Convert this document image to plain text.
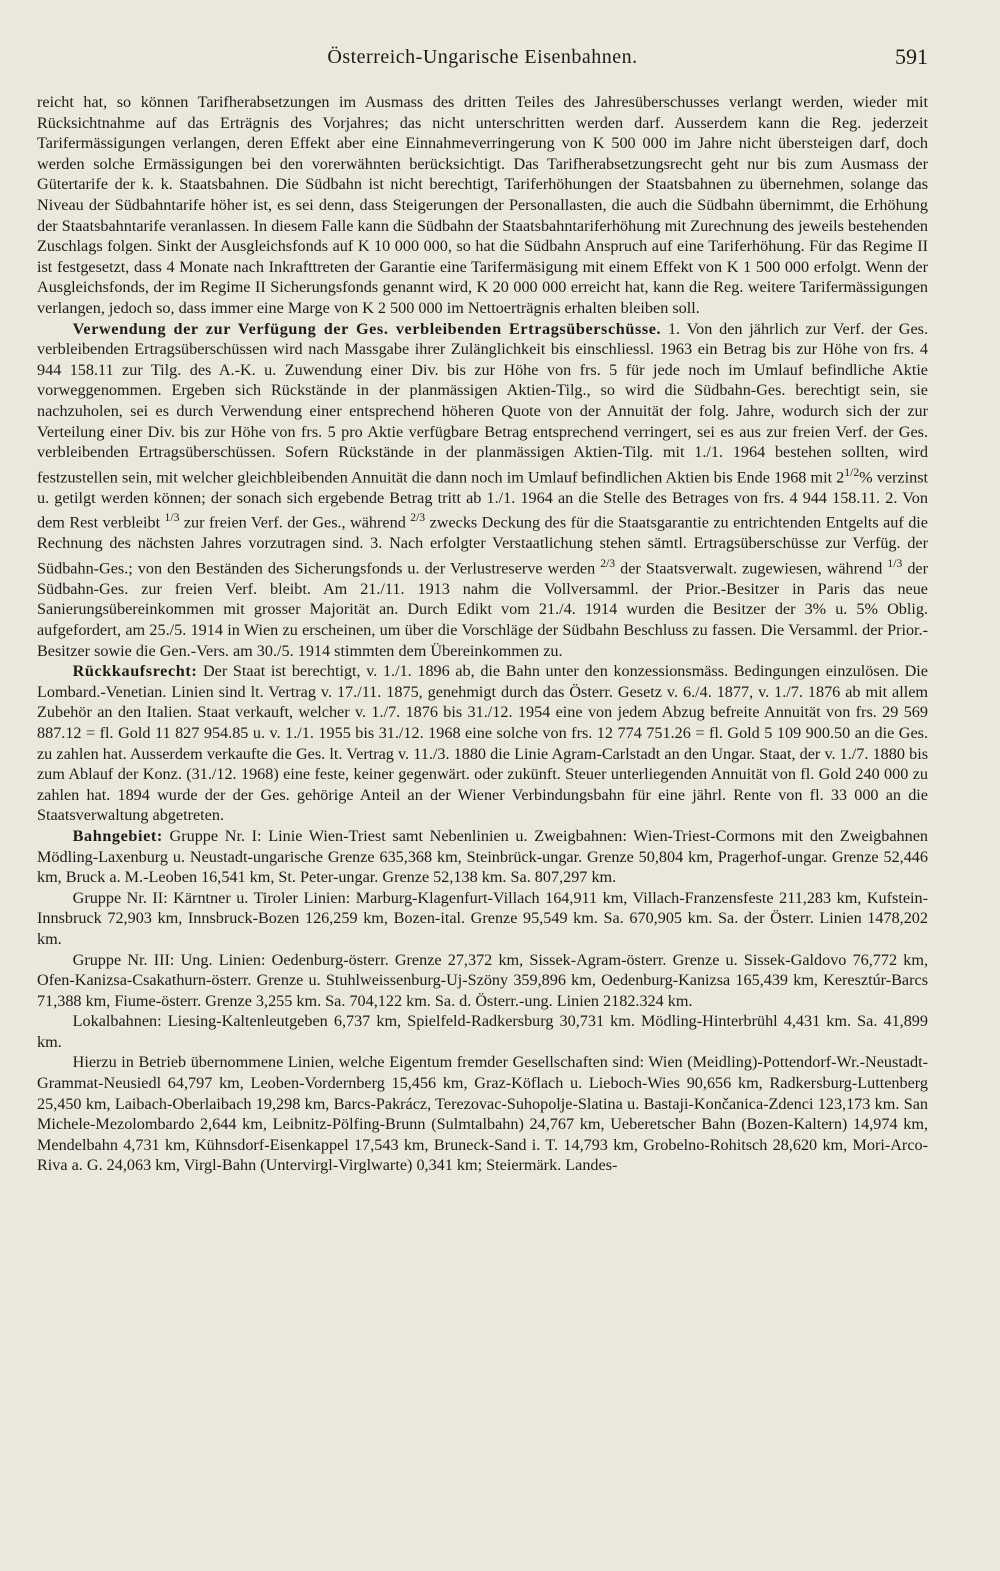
Österreich-Ungarische Eisenbahnen.	591

reicht hat, so können Tarifherabsetzungen im Ausmass des dritten Teiles des Jahresüberschusses verlangt werden, wieder mit Rücksichtnahme auf das Erträgnis des Vorjahres; das nicht unterschritten werden darf. Ausserdem kann die Reg. jederzeit Tarifermässigungen verlangen, deren Effekt aber eine Einnahmeverringerung von K 500 000 im Jahre nicht übersteigen darf, doch werden solche Ermässigungen bei den vorerwähnten berücksichtigt. Das Tarifherabsetzungsrecht geht nur bis zum Ausmass der Gütertarife der k. k. Staatsbahnen. Die Südbahn ist nicht berechtigt, Tariferhöhungen der Staatsbahnen zu übernehmen, solange das Niveau der Südbahntarife höher ist, es sei denn, dass Steigerungen der Personallasten, die auch die Südbahn übernimmt, die Erhöhung der Staatsbahntarife veranlassen. In diesem Falle kann die Südbahn der Staatsbahntariferhöhung mit Zurechnung des jeweils bestehenden Zuschlags folgen. Sinkt der Ausgleichsfonds auf K 10 000 000, so hat die Südbahn Anspruch auf eine Tariferhöhung. Für das Regime II ist festgesetzt, dass 4 Monate nach Inkrafttreten der Garantie eine Tarifermäsigung mit einem Effekt von K 1 500 000 erfolgt. Wenn der Ausgleichsfonds, der im Regime II Sicherungsfonds genannt wird, K 20 000 000 erreicht hat, kann die Reg. weitere Tarifermässigungen verlangen, jedoch so, dass immer eine Marge von K 2 500 000 im Nettoerträgnis erhalten bleiben soll.

Verwendung der zur Verfügung der Ges. verbleibenden Ertragsüberschüsse. 1. Von den jährlich zur Verf. der Ges. verbleibenden Ertragsüberschüssen wird nach Massgabe ihrer Zulänglichkeit bis einschliessl. 1963 ein Betrag bis zur Höhe von frs. 4 944 158.11 zur Tilg. des A.-K. u. Zuwendung einer Div. bis zur Höhe von frs. 5 für jede noch im Umlauf befindliche Aktie vorweggenommen. Ergeben sich Rückstände in der planmässigen Aktien-Tilg., so wird die Südbahn-Ges. berechtigt sein, sie nachzuholen, sei es durch Verwendung einer entsprechend höheren Quote von der Annuität der folg. Jahre, wodurch sich der zur Verteilung einer Div. bis zur Höhe von frs. 5 pro Aktie verfügbare Betrag entsprechend verringert, sei es aus zur freien Verf. der Ges. verbleibenden Ertragsüberschüssen. Sofern Rückstände in der planmässigen Aktien-Tilg. mit 1./1. 1964 bestehen sollten, wird festzustellen sein, mit welcher gleichbleibenden Annuität die dann noch im Umlauf befindlichen Aktien bis Ende 1968 mit $2^{1/2}\%$ verzinst u. getilgt werden können; der sonach sich ergebende Betrag tritt ab 1./1. 1964 an die Stelle des Betrages von frs. 4 944 158.11. 2. Von dem Rest verbleibt $^{1/3}$ zur freien Verf. der Ges., während $^{2/3}$ zwecks Deckung des für die Staatsgarantie zu entrichtenden Entgelts auf die Rechnung des nächsten Jahres vorzutragen sind. 3. Nach erfolgter Verstaatlichung stehen sämtl. Ertragsüberschüsse zur Verfüg. der Südbahn-Ges.; von den Beständen des Sicherungsfonds u. der Verlustreserve werden $^{2/3}$ der Staatsverwalt. zugewiesen, während $^{1/3}$ der Südbahn-Ges. zur freien Verf. bleibt. Am 21./11. 1913 nahm die Vollversamml. der Prior.-Besitzer in Paris das neue Sanierungsübereinkommen mit grosser Majorität an. Durch Edikt vom 21./4. 1914 wurden die Besitzer der 3% u. 5% Oblig. aufgefordert, am 25./5. 1914 in Wien zu erscheinen, um über die Vorschläge der Südbahn Beschluss zu fassen. Die Versamml. der Prior.-Besitzer sowie die Gen.-Vers. am 30./5. 1914 stimmten dem Übereinkommen zu.

Rückkaufsrecht: Der Staat ist berechtigt, v. 1./1. 1896 ab, die Bahn unter den konzessionsmäss. Bedingungen einzulösen. Die Lombard.-Venetian. Linien sind lt. Vertrag v. 17./11. 1875, genehmigt durch das Österr. Gesetz v. 6./4. 1877, v. 1./7. 1876 ab mit allem Zubehör an den Italien. Staat verkauft, welcher v. 1./7. 1876 bis 31./12. 1954 eine von jedem Abzug befreite Annuität von frs. 29 569 887.12 = fl. Gold 11 827 954.85 u. v. 1./1. 1955 bis 31./12. 1968 eine solche von frs. 12 774 751.26 = fl. Gold 5 109 900.50 an die Ges. zu zahlen hat. Ausserdem verkaufte die Ges. lt. Vertrag v. 11./3. 1880 die Linie Agram-Carlstadt an den Ungar. Staat, der v. 1./7. 1880 bis zum Ablauf der Konz. (31./12. 1968) eine feste, keiner gegenwärt. oder zukünft. Steuer unterliegenden Annuität von fl. Gold 240 000 zu zahlen hat. 1894 wurde der der Ges. gehörige Anteil an der Wiener Verbindungsbahn für eine jährl. Rente von fl. 33 000 an die Staatsverwaltung abgetreten.

Bahngebiet: Gruppe Nr. I: Linie Wien-Triest samt Nebenlinien u. Zweigbahnen: Wien-Triest-Cormons mit den Zweigbahnen Mödling-Laxenburg u. Neustadt-ungarische Grenze 635,368 km, Steinbrück-ungar. Grenze 50,804 km, Pragerhof-ungar. Grenze 52,446 km, Bruck a. M.-Leoben 16,541 km, St. Peter-ungar. Grenze 52,138 km. Sa. 807,297 km.

Gruppe Nr. II: Kärntner u. Tiroler Linien: Marburg-Klagenfurt-Villach 164,911 km, Villach-Franzensfeste 211,283 km, Kufstein-Innsbruck 72,903 km, Innsbruck-Bozen 126,259 km, Bozen-ital. Grenze 95,549 km. Sa. 670,905 km. Sa. der Österr. Linien 1478,202 km.

Gruppe Nr. III: Ung. Linien: Oedenburg-österr. Grenze 27,372 km, Sissek-Agram-österr. Grenze u. Sissek-Galdovo 76,772 km, Ofen-Kanizsa-Csakathurn-österr. Grenze u. Stuhlweissenburg-Uj-Szöny 359,896 km, Oedenburg-Kanizsa 165,439 km, Keresztúr-Barcs 71,388 km, Fiume-österr. Grenze 3,255 km. Sa. 704,122 km. Sa. d. Österr.-ung. Linien 2182.324 km.

Lokalbahnen: Liesing-Kaltenleutgeben 6,737 km, Spielfeld-Radkersburg 30,731 km. Mödling-Hinterbrühl 4,431 km. Sa. 41,899 km.

Hierzu in Betrieb übernommene Linien, welche Eigentum fremder Gesellschaften sind: Wien (Meidling)-Pottendorf-Wr.-Neustadt-Grammat-Neusiedl 64,797 km, Leoben-Vordernberg 15,456 km, Graz-Köflach u. Lieboch-Wies 90,656 km, Radkersburg-Luttenberg 25,450 km, Laibach-Oberlaibach 19,298 km, Barcs-Pakrácz, Terezovac-Suhopolje-Slatina u. Bastaji-Končanica-Zdenci 123,173 km. San Michele-Mezolombardo 2,644 km, Leibnitz-Pölfing-Brunn (Sulmtalbahn) 24,767 km, Ueberetscher Bahn (Bozen-Kaltern) 14,974 km, Mendelbahn 4,731 km, Kühnsdorf-Eisenkappel 17,543 km, Bruneck-Sand i. T. 14,793 km, Grobelno-Rohitsch 28,620 km, Mori-Arco-Riva a. G. 24,063 km, Virgl-Bahn (Untervirgl-Virglwarte) 0,341 km; Steiermärk. Landes-
